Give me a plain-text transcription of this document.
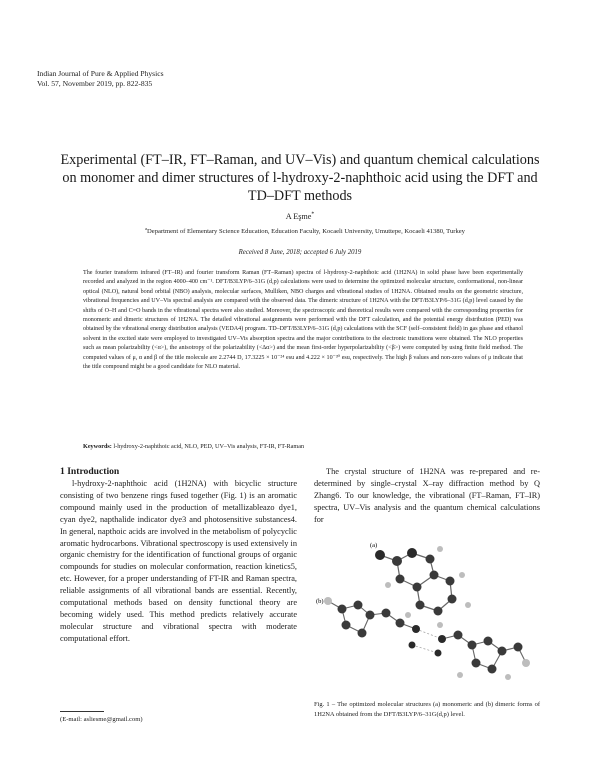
Indian Journal of Pure & Applied Physics
Vol. 57, November 2019, pp. 822-835
Experimental (FT–IR, FT–Raman, and UV–Vis) and quantum chemical calculations on monomer and dimer structures of l-hydroxy-2-naphthoic acid using the DFT and TD–DFT methods
A Eşme*
$^a$Department of Elementary Science Education, Education Faculty, Kocaeli University, Umuttepe, Kocaeli 41380, Turkey
Received 8 June, 2018; accepted 6 July 2019
The fourier transform infrared (FT–IR) and fourier transform Raman (FT–Raman) spectra of l-hydroxy-2-naphthoic acid (1H2NA) in solid phase have been experimentally recorded and analyzed in the region 4000–400 cm⁻¹. DFT/B3LYP/6–31G (d,p) calculations were used to determine the optimized molecular structure, conformational, non-linear optical (NLO), natural bond orbital (NBO) analysis, molecular surfaces, Mulliken, NBO charges and vibrational studies of 1H2NA. Obtained results on the geometric structure, vibrational frequencies and UV–Vis spectral analysis are compared with the observed data. The dimeric structure of 1H2NA with the DFT/B3LYP/6–31G (d,p) level caused by the shifts of O–H and C=O bands in the vibrational spectra were also studied. Moreover, the spectroscopic and theoretical results were compared with the corresponding properties for monomeric and dimeric structures of 1H2NA. The detailed vibrational assignments were performed with the DFT calculation, and the potential energy distribution (PED) was obtained by the vibrational energy distribution analysis (VEDA4) program. TD–DFT/B3LYP/6–31G (d,p) calculations with the SCF (self–consistent field) in gas phase and ethanol solvent in the excited state were employed to investigated UV–Vis absorption spectra and the major contributions to the electronic transitions were obtained. The NLO properties such as mean polarizability (<α>), the anisotropy of the polarizability (<Δα>) and the mean first-order hyperpolarizability (<β>) were computed by using finite field method. The computed values of μ, α and β of the title molecule are 2.2744 D, 17.3225 × 10⁻²⁴ esu and 4.222 × 10⁻³⁰ esu, respectively. The high β values and non-zero values of μ indicate that the title compound might be a good candidate for NLO material.
Keywords: l-hydroxy-2-naphthoic acid, NLO, PED, UV–Vis analysis, FT-IR, FT-Raman
1 Introduction
l-hydroxy-2-naphthoic acid (1H2NA) with bicyclic structure consisting of two benzene rings fused together (Fig. 1) is an aromatic compound mainly used in the production of metallizableazo dye1, cyan dye2, napthalide indicator dye3 and photosensitive substances4. In general, napthoic acids are involved in the metabolism of polycyclic aromatic hydrocarbons. Vibrational spectroscopy is used extensively in organic chemistry for the identification of functional groups of organic compounds for studies on molecular conformation, reaction kinetics5, etc. However, for a proper understanding of FT-IR and Raman spectra, reliable assignments of all vibrational bands are essential. Recently, computational methods based on density functional theory are becoming widely used. This method predicts relatively accurate molecular structure and vibrational spectra with moderate computational effort.
The crystal structure of 1H2NA was re-prepared and re-determined by single–crystal X–ray diffraction method by Q Zhang6. To our knowledge, the vibrational (FT–Raman, FT–IR) spectra, UV–Vis analysis and the quantum chemical calculations for
(a)
(b)
Fig. 1 – The optimized molecular structures (a) monomeric and (b) dimeric forms of 1H2NA obtained from the DFT/B3LYP/6–31G(d,p) level.
(E-mail: asliesme@gmail.com)
